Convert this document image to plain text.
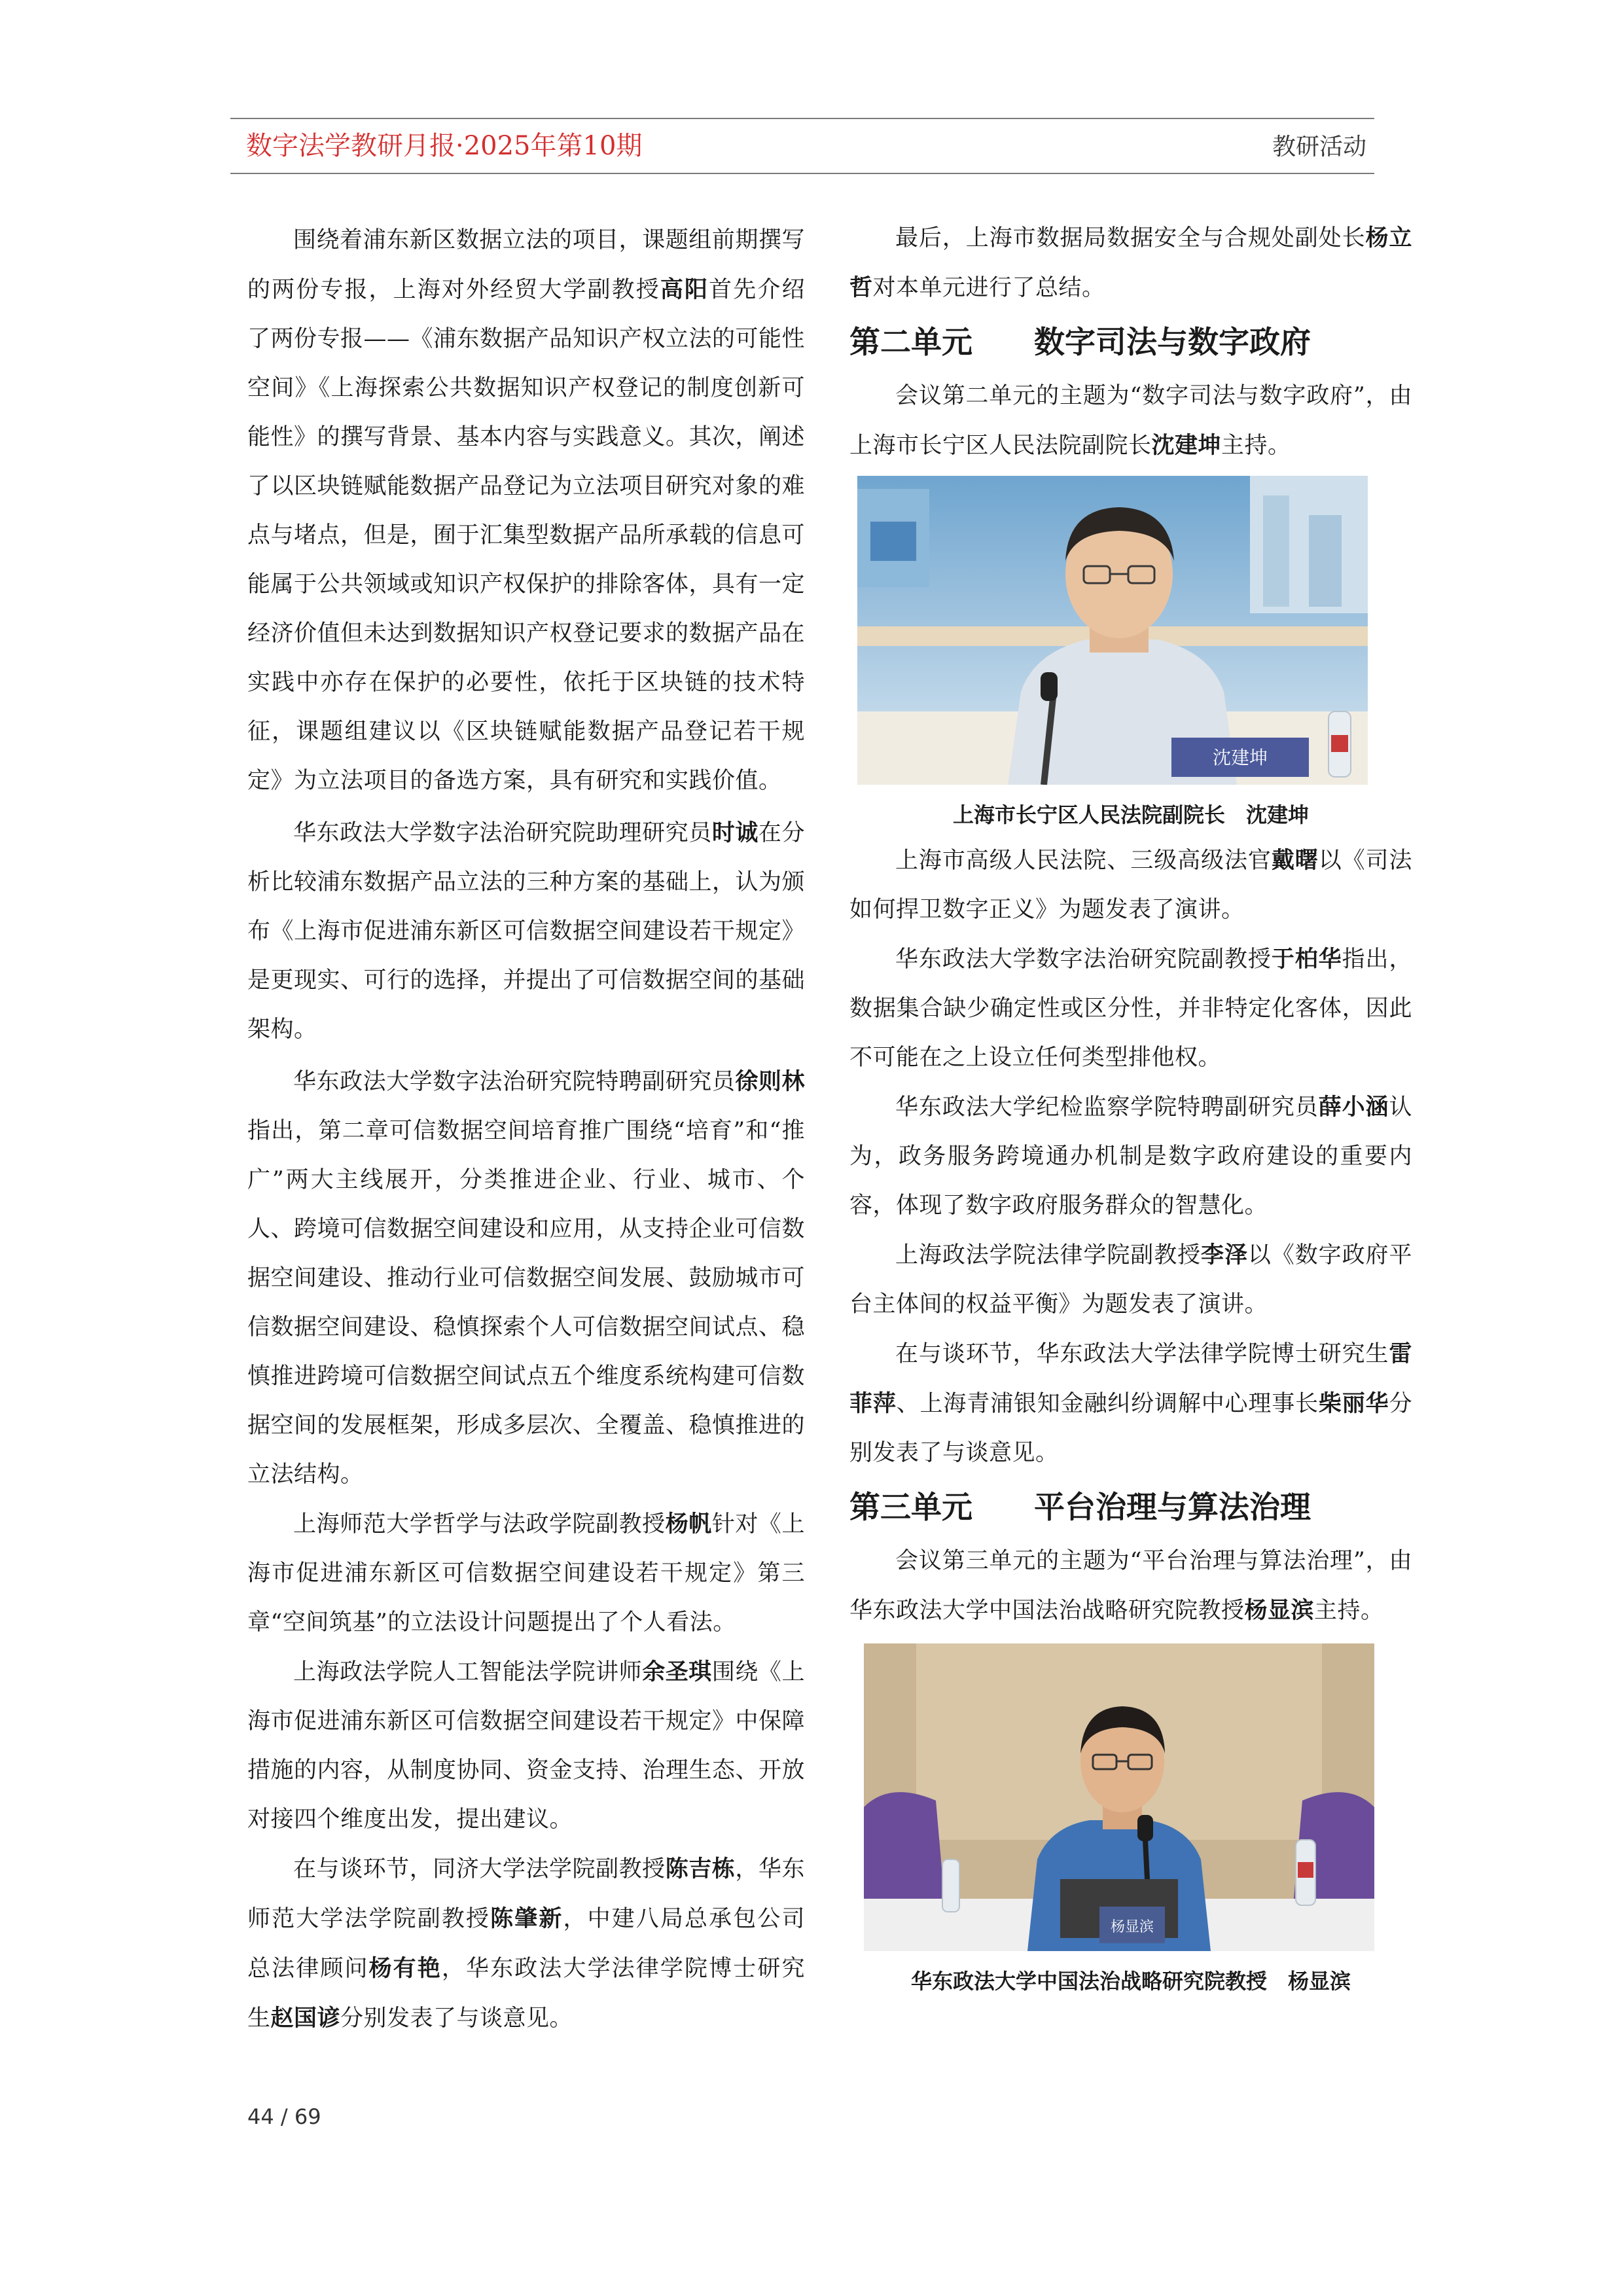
数字法学教研月报·2025年第10期	教研活动

围绕着浦东新区数据立法的项目，课题组前期撰写的两份专报，上海对外经贸大学副教授高阳首先介绍了两份专报——《浦东数据产品知识产权立法的可能性空间》《上海探索公共数据知识产权登记的制度创新可能性》的撰写背景、基本内容与实践意义。其次，阐述了以区块链赋能数据产品登记为立法项目研究对象的难点与堵点，但是，囿于汇集型数据产品所承载的信息可能属于公共领域或知识产权保护的排除客体，具有一定经济价值但未达到数据知识产权登记要求的数据产品在实践中亦存在保护的必要性，依托于区块链的技术特征，课题组建议以《区块链赋能数据产品登记若干规定》为立法项目的备选方案，具有研究和实践价值。

华东政法大学数字法治研究院助理研究员时诚在分析比较浦东数据产品立法的三种方案的基础上，认为颁布《上海市促进浦东新区可信数据空间建设若干规定》是更现实、可行的选择，并提出了可信数据空间的基础架构。

华东政法大学数字法治研究院特聘副研究员徐则林指出，第二章可信数据空间培育推广围绕“培育”和“推广”两大主线展开，分类推进企业、行业、城市、个人、跨境可信数据空间建设和应用，从支持企业可信数据空间建设、推动行业可信数据空间发展、鼓励城市可信数据空间建设、稳慎探索个人可信数据空间试点、稳慎推进跨境可信数据空间试点五个维度系统构建可信数据空间的发展框架，形成多层次、全覆盖、稳慎推进的立法结构。

上海师范大学哲学与法政学院副教授杨帆针对《上海市促进浦东新区可信数据空间建设若干规定》第三章“空间筑基”的立法设计问题提出了个人看法。

上海政法学院人工智能法学院讲师余圣琪围绕《上海市促进浦东新区可信数据空间建设若干规定》中保障措施的内容，从制度协同、资金支持、治理生态、开放对接四个维度出发，提出建议。

在与谈环节，同济大学法学院副教授陈吉栋，华东师范大学法学院副教授陈肇新，中建八局总承包公司总法律顾问杨有艳，华东政法大学法律学院博士研究生赵国谚分别发表了与谈意见。

最后，上海市数据局数据安全与合规处副处长杨立哲对本单元进行了总结。

第二单元　　数字司法与数字政府

会议第二单元的主题为“数字司法与数字政府”，由上海市长宁区人民法院副院长沈建坤主持。

沈建坤
上海市长宁区人民法院副院长　沈建坤

上海市高级人民法院、三级高级法官戴曙以《司法如何捍卫数字正义》为题发表了演讲。

华东政法大学数字法治研究院副教授于柏华指出，数据集合缺少确定性或区分性，并非特定化客体，因此不可能在之上设立任何类型排他权。

华东政法大学纪检监察学院特聘副研究员薛小涵认为，政务服务跨境通办机制是数字政府建设的重要内容，体现了数字政府服务群众的智慧化。

上海政法学院法律学院副教授李泽以《数字政府平台主体间的权益平衡》为题发表了演讲。

在与谈环节，华东政法大学法律学院博士研究生雷菲萍、上海青浦银知金融纠纷调解中心理事长柴丽华分别发表了与谈意见。

第三单元　　平台治理与算法治理

会议第三单元的主题为“平台治理与算法治理”，由华东政法大学中国法治战略研究院教授杨显滨主持。

杨显滨
华东政法大学中国法治战略研究院教授　杨显滨
44 / 69
